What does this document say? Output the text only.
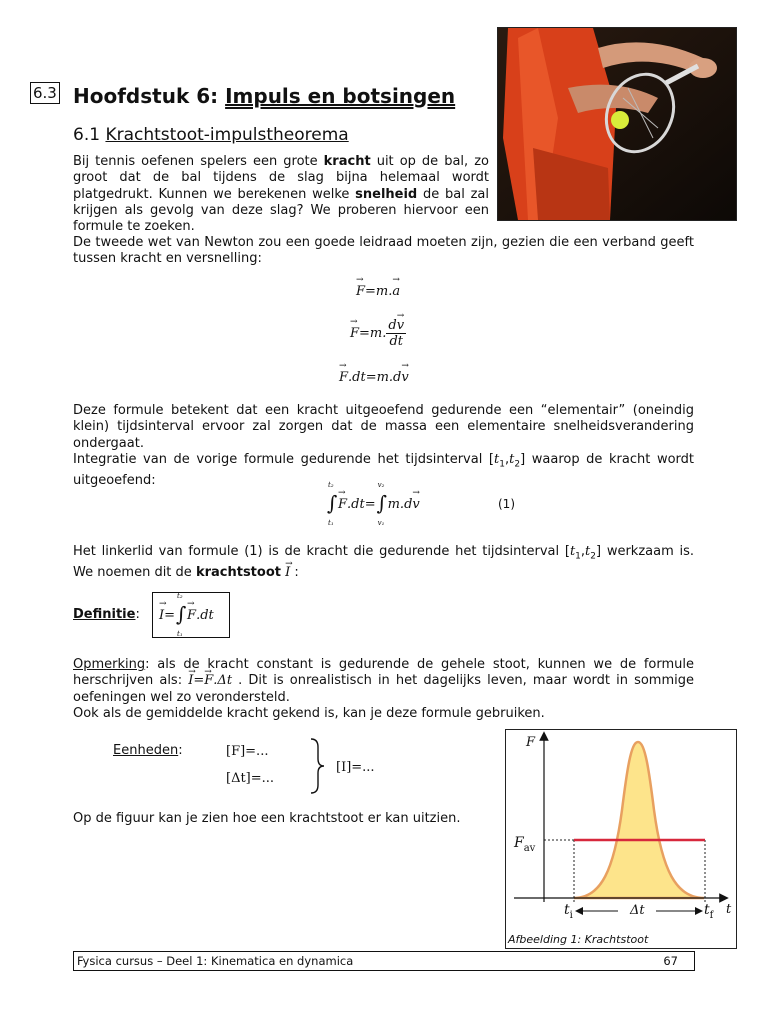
6.3 Hoofdstuk 6: Impuls en botsingen
6.1 Krachtstoot-impulstheorema

Bij tennis oefenen spelers een grote kracht uit op de bal, zo groot dat de bal tijdens de slag bijna helemaal wordt platgedrukt. Kunnen we berekenen welke snelheid de bal zal krijgen als gevolg van deze slag? We proberen hiervoor een formule te zoeken.

De tweede wet van Newton zou een goede leidraad moeten zijn, gezien die een verband geeft tussen kracht en versnelling:

→ F=m.→ a
→ F =m. $\frac{d\to v}{dt}$
→ F.dt=m.d→ v

Deze formule betekent dat een kracht uitgeoefend gedurende een “elementair” (oneindig klein) tijdsinterval ervoor zal zorgen dat de massa een elementaire snelheidsverandering ondergaat.

Integratie van de vorige formule gedurende het tijdsinterval $[t_1,t_2]$ waarop de kracht wordt uitgeoefend:	t₂
∫
t₁
→ F .dt=
v₂
∫
v₁
m.d → v	(1)

Het linkerlid van formule (1) is de kracht die gedurende het tijdsinterval $[t_1,t_2]$ werkzaam is. We noemen dit de krachtstoot → I :

Definitie: → I =
t₂
∫
t₁
→ F .dt

Opmerking: als de kracht constant is gedurende de gehele stoot, kunnen we de formule herschrijven als: → I=→ F.Δt . Dit is onrealistisch in het dagelijks leven, maar wordt in sommige oefeningen wel zo verondersteld.

Ook als de gemiddelde kracht gekend is, kan je deze formule gebruiken.

Eenheden:	[F]=...
[Δt]=...
[I]=...

Op de figuur kan je zien hoe een krachtstoot er kan uitzien.

F
$F_{av}$
$t_i$	Δt	$t_f$ t
Afbeelding 1: Krachtstoot
Fysica cursus – Deel 1: Kinematica en dynamica	67
